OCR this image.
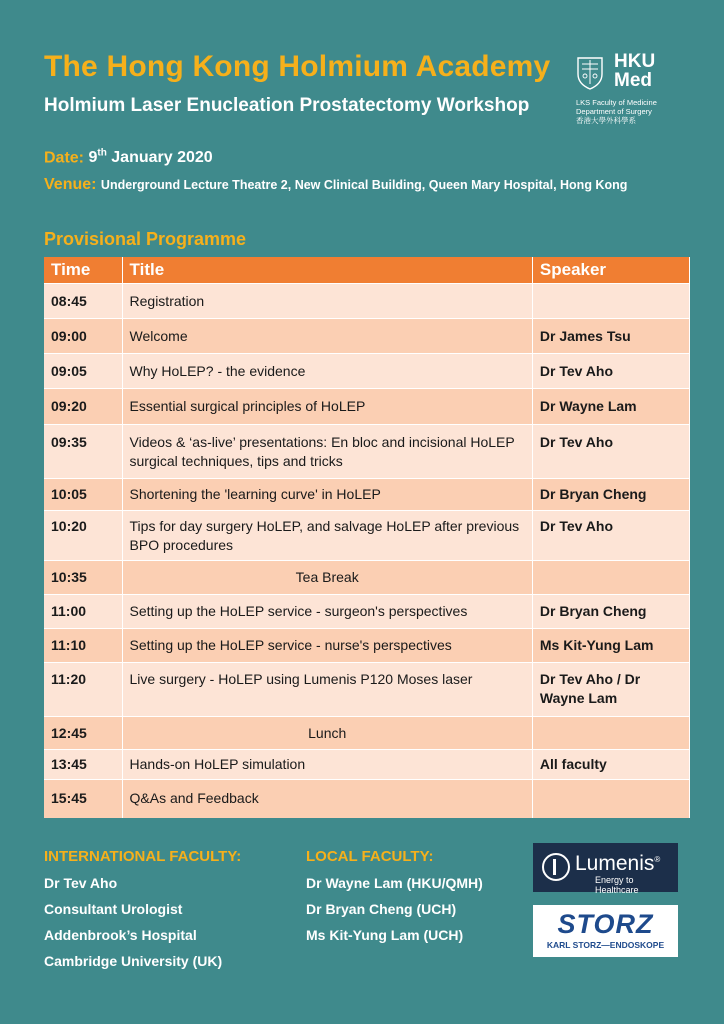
The Hong Kong Holmium Academy
Holmium Laser Enucleation Prostatectomy Workshop
HKU
Med
LKS Faculty of Medicine
Department of Surgery
香港大學外科學系
Date: 9th January 2020
Venue: Underground Lecture Theatre 2, New Clinical Building, Queen Mary Hospital, Hong Kong
Provisional Programme
Time	Title	Speaker
08:45	Registration	
09:00	Welcome	Dr James Tsu
09:05	Why HoLEP? - the evidence	Dr Tev Aho
09:20	Essential surgical principles of HoLEP	Dr Wayne Lam
09:35	Videos & ‘as-live’ presentations: En bloc and incisional HoLEP surgical techniques, tips and tricks	Dr Tev Aho
10:05	Shortening the 'learning curve' in HoLEP	Dr Bryan Cheng
10:20	Tips for day surgery HoLEP, and salvage HoLEP after previous BPO procedures	Dr Tev Aho
10:35	Tea Break	
11:00	Setting up the HoLEP service - surgeon's perspectives	Dr Bryan Cheng
11:10	Setting up the HoLEP service - nurse's perspectives	Ms Kit-Yung Lam
11:20	Live surgery - HoLEP using Lumenis P120 Moses laser	Dr Tev Aho / Dr Wayne Lam
12:45	Lunch	
13:45	Hands-on HoLEP simulation	All faculty
15:45	Q&As and Feedback	
INTERNATIONAL FACULTY:
Dr Tev Aho
Consultant Urologist
Addenbrook’s Hospital
Cambridge University (UK)
LOCAL FACULTY:
Dr Wayne Lam (HKU/QMH)
Dr Bryan Cheng (UCH)
Ms Kit-Yung Lam (UCH)
Lumenis®
Energy to Healthcare
STORZ
KARL STORZ—ENDOSKOPE
